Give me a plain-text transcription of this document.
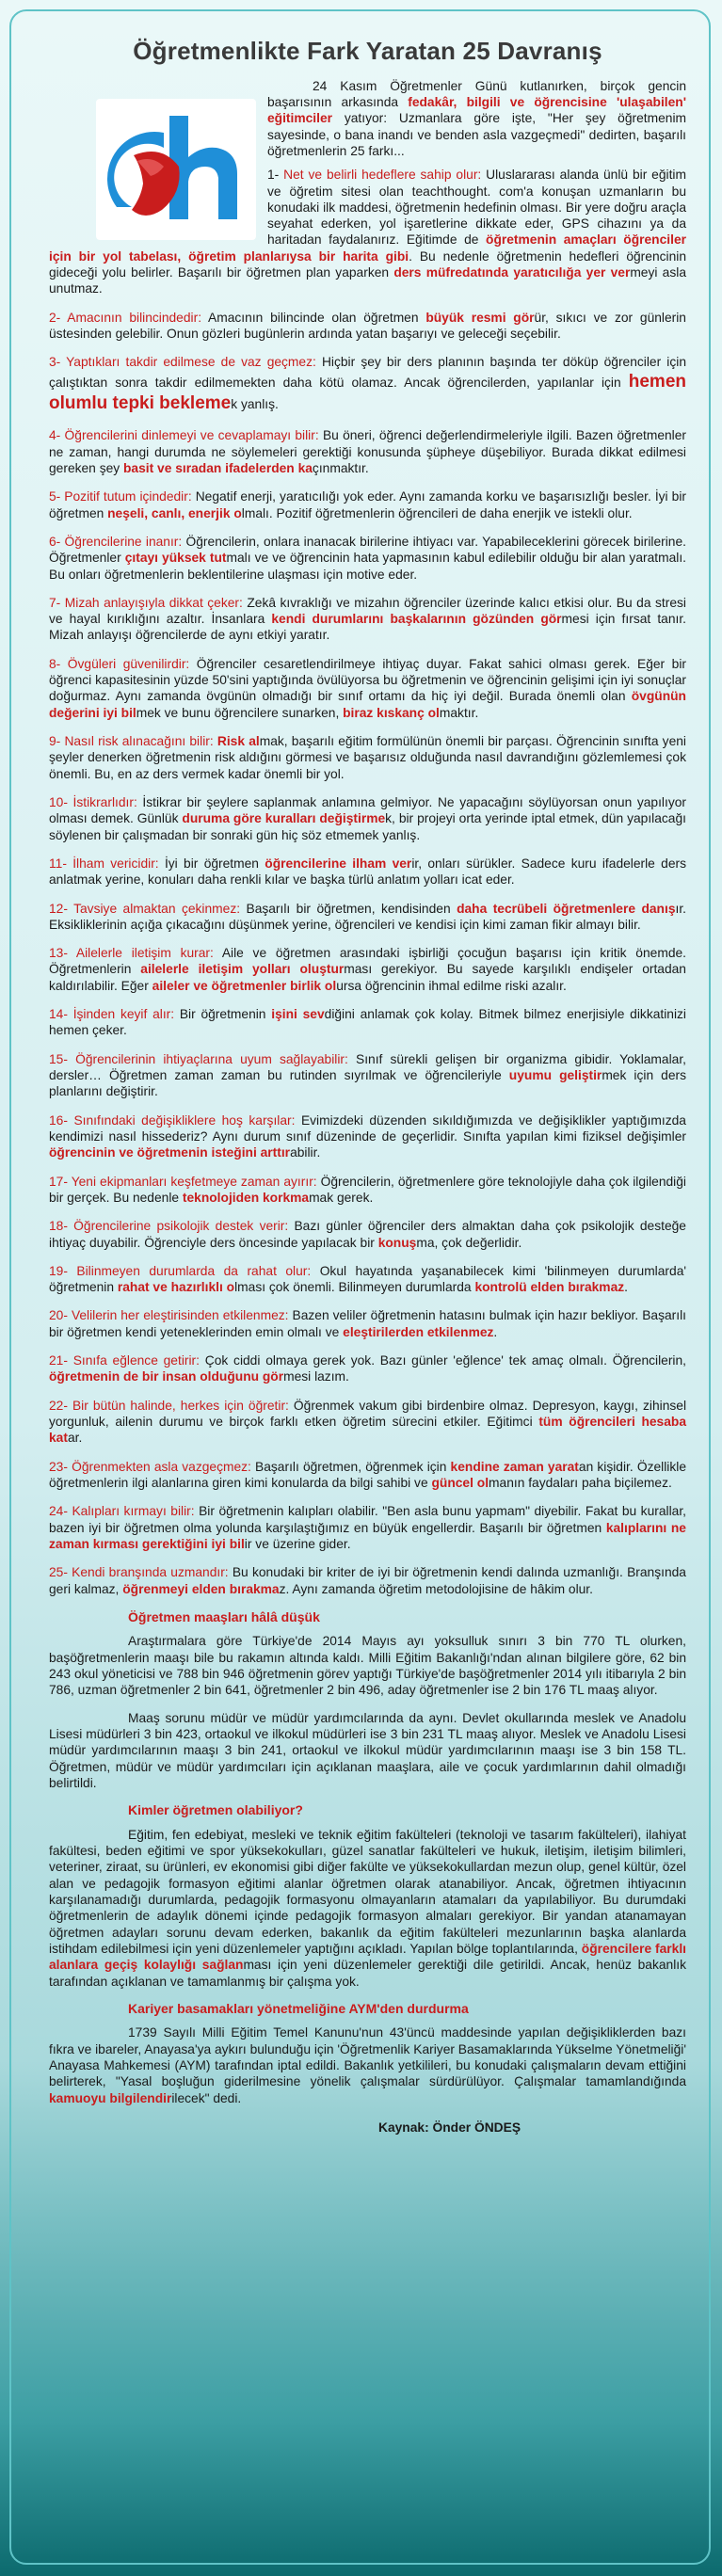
Öğretmenlikte Fark Yaratan 25 Davranış

24 Kasım Öğretmenler Günü kutlanırken, birçok gencin başarısının arkasında fedakâr, bilgili ve öğrencisine 'ulaşabilen' eğitimciler yatıyor: Uzmanlara göre işte, "Her şey öğretmenim sayesinde, o bana inandı ve benden asla vazgeçmedi" dedirten, başarılı öğretmenlerin 25 farkı...

1- Net ve belirli hedeflere sahip olur: Uluslararası alanda ünlü bir eğitim ve öğretim sitesi olan teachthought. com'a konuşan uzmanların bu konudaki ilk maddesi, öğretmenin hedefinin olması. Bir yere doğru araçla seyahat ederken, yol işaretlerine dikkate eder, GPS cihazını ya da haritadan faydalanırız. Eğitimde de öğretmenin amaçları öğrenciler için bir yol tabelası, öğretim planlarıysa bir harita gibi. Bu nedenle öğretmenin hedefleri öğrencinin gideceği yolu belirler. Başarılı bir öğretmen plan yaparken ders müfredatında yaratıcılığa yer vermeyi asla unutmaz.

2- Amacının bilincindedir: Amacının bilincinde olan öğretmen büyük resmi görür, sıkıcı ve zor günlerin üstesinden gelebilir. Onun gözleri bugünlerin ardında yatan başarıyı ve geleceği seçebilir.

3- Yaptıkları takdir edilmese de vaz geçmez: Hiçbir şey bir ders planının başında ter döküp öğrenciler için çalıştıktan sonra takdir edilmemekten daha kötü olamaz. Ancak öğrencilerden, yapılanlar için hemen olumlu tepki beklemek yanlış.

4- Öğrencilerini dinlemeyi ve cevaplamayı bilir: Bu öneri, öğrenci değerlendirmeleriyle ilgili. Bazen öğretmenler ne zaman, hangi durumda ne söylemeleri gerektiği konusunda şüpheye düşebiliyor. Burada dikkat edilmesi gereken şey basit ve sıradan ifadelerden kaçınmaktır.

5- Pozitif tutum içindedir: Negatif enerji, yaratıcılığı yok eder. Aynı zamanda korku ve başarısızlığı besler. İyi bir öğretmen neşeli, canlı, enerjik olmalı. Pozitif öğretmenlerin öğrencileri de daha enerjik ve istekli olur.

6- Öğrencilerine inanır: Öğrencilerin, onlara inanacak birilerine ihtiyacı var. Yapabileceklerini görecek birilerine. Öğretmenler çıtayı yüksek tutmalı ve ve öğrencinin hata yapmasının kabul edilebilir olduğu bir alan yaratmalı. Bu onları öğretmenlerin beklentilerine ulaşması için motive eder.

7- Mizah anlayışıyla dikkat çeker: Zekâ kıvraklığı ve mizahın öğrenciler üzerinde kalıcı etkisi olur. Bu da stresi ve hayal kırıklığını azaltır. İnsanlara kendi durumlarını başkalarının gözünden görmesi için fırsat tanır. Mizah anlayışı öğrencilerde de aynı etkiyi yaratır.

8- Övgüleri güvenilirdir: Öğrenciler cesaretlendirilmeye ihtiyaç duyar. Fakat sahici olması gerek. Eğer bir öğrenci kapasitesinin yüzde 50'sini yaptığında övülüyorsa bu öğretmenin ve öğrencinin gelişimi için iyi sonuçlar doğurmaz. Aynı zamanda övgünün olmadığı bir sınıf ortamı da hiç iyi değil. Burada önemli olan övgünün değerini iyi bilmek ve bunu öğrencilere sunarken, biraz kıskanç olmaktır.

9- Nasıl risk alınacağını bilir: Risk almak, başarılı eğitim formülünün önemli bir parçası. Öğrencinin sınıfta yeni şeyler denerken öğretmenin risk aldığını görmesi ve başarısız olduğunda nasıl davrandığını gözlemlemesi çok önemli. Bu, en az ders vermek kadar önemli bir yol.

10- İstikrarlıdır: İstikrar bir şeylere saplanmak anlamına gelmiyor. Ne yapacağını söylüyorsan onun yapılıyor olması demek. Günlük duruma göre kuralları değiştirmek, bir projeyi orta yerinde iptal etmek, dün yapılacağı söylenen bir çalışmadan bir sonraki gün hiç söz etmemek yanlış.

11- İlham vericidir: İyi bir öğretmen öğrencilerine ilham verir, onları sürükler. Sadece kuru ifadelerle ders anlatmak yerine, konuları daha renkli kılar ve başka türlü anlatım yolları icat eder.

12- Tavsiye almaktan çekinmez: Başarılı bir öğretmen, kendisinden daha tecrübeli öğretmenlere danışır. Eksikliklerinin açığa çıkacağını düşünmek yerine, öğrencileri ve kendisi için kimi zaman fikir almayı bilir.

13- Ailelerle iletişim kurar: Aile ve öğretmen arasındaki işbirliği çocuğun başarısı için kritik önemde. Öğretmenlerin ailelerle iletişim yolları oluşturması gerekiyor. Bu sayede karşılıklı endişeler ortadan kaldırılabilir. Eğer aileler ve öğretmenler birlik olursa öğrencinin ihmal edilme riski azalır.

14- İşinden keyif alır: Bir öğretmenin işini sevdiğini anlamak çok kolay. Bitmek bilmez enerjisiyle dikkatinizi hemen çeker.

15- Öğrencilerinin ihtiyaçlarına uyum sağlayabilir: Sınıf sürekli gelişen bir organizma gibidir. Yoklamalar, dersler… Öğretmen zaman zaman bu rutinden sıyrılmak ve öğrencileriyle uyumu geliştirmek için ders planlarını değiştirir.

16- Sınıfındaki değişikliklere hoş karşılar: Evimizdeki düzenden sıkıldığımızda ve değişiklikler yaptığımızda kendimizi nasıl hissederiz? Aynı durum sınıf düzeninde de geçerlidir. Sınıfta yapılan kimi fiziksel değişimler öğrencinin ve öğretmenin isteğini arttırabilir.

17- Yeni ekipmanları keşfetmeye zaman ayırır: Öğrencilerin, öğretmenlere göre teknolojiyle daha çok ilgilendiği bir gerçek. Bu nedenle teknolojiden korkmamak gerek.

18- Öğrencilerine psikolojik destek verir: Bazı günler öğrenciler ders almaktan daha çok psikolojik desteğe ihtiyaç duyabilir. Öğrenciyle ders öncesinde yapılacak bir konuşma, çok değerlidir.

19- Bilinmeyen durumlarda da rahat olur: Okul hayatında yaşanabilecek kimi 'bilinmeyen durumlarda' öğretmenin rahat ve hazırlıklı olması çok önemli. Bilinmeyen durumlarda kontrolü elden bırakmaz.

20- Velilerin her eleştirisinden etkilenmez: Bazen veliler öğretmenin hatasını bulmak için hazır bekliyor. Başarılı bir öğretmen kendi yeteneklerinden emin olmalı ve eleştirilerden etkilenmez.

21- Sınıfa eğlence getirir: Çok ciddi olmaya gerek yok. Bazı günler 'eğlence' tek amaç olmalı. Öğrencilerin, öğretmenin de bir insan olduğunu görmesi lazım.

22- Bir bütün halinde, herkes için öğretir: Öğrenmek vakum gibi birdenbire olmaz. Depresyon, kaygı, zihinsel yorgunluk, ailenin durumu ve birçok farklı etken öğretim sürecini etkiler. Eğitimci tüm öğrencileri hesaba katar.

23- Öğrenmekten asla vazgeçmez: Başarılı öğretmen, öğrenmek için kendine zaman yaratan kişidir. Özellikle öğretmenlerin ilgi alanlarına giren kimi konularda da bilgi sahibi ve güncel olmanın faydaları paha biçilemez.

24- Kalıpları kırmayı bilir: Bir öğretmenin kalıpları olabilir. "Ben asla bunu yapmam" diyebilir. Fakat bu kurallar, bazen iyi bir öğretmen olma yolunda karşılaştığımız en büyük engellerdir. Başarılı bir öğretmen kalıplarını ne zaman kırması gerektiğini iyi bilir ve üzerine gider.

25- Kendi branşında uzmandır: Bu konudaki bir kriter de iyi bir öğretmenin kendi dalında uzmanlığı. Branşında geri kalmaz, öğrenmeyi elden bırakmaz. Aynı zamanda öğretim metodolojisine de hâkim olur.

Öğretmen maaşları hâlâ düşük

Araştırmalara göre Türkiye'de 2014 Mayıs ayı yoksulluk sınırı 3 bin 770 TL olurken, başöğretmenlerin maaşı bile bu rakamın altında kaldı. Milli Eğitim Bakanlığı'ndan alınan bilgilere göre, 62 bin 243 okul yöneticisi ve 788 bin 946 öğretmenin görev yaptığı Türkiye'de başöğretmenler 2014 yılı itibarıyla 2 bin 786, uzman öğretmenler 2 bin 641, öğretmenler 2 bin 496, aday öğretmenler ise 2 bin 176 TL maaş alıyor.

Maaş sorunu müdür ve müdür yardımcılarında da aynı. Devlet okullarında meslek ve Anadolu Lisesi müdürleri 3 bin 423, ortaokul ve ilkokul müdürleri ise 3 bin 231 TL maaş alıyor. Meslek ve Anadolu Lisesi müdür yardımcılarının maaşı 3 bin 241, ortaokul ve ilkokul müdür yardımcılarının maaşı ise 3 bin 158 TL. Öğretmen, müdür ve müdür yardımcıları için açıklanan maaşlara, aile ve çocuk yardımlarının dahil olmadığı belirtildi.

Kimler öğretmen olabiliyor?

Eğitim, fen edebiyat, mesleki ve teknik eğitim fakülteleri (teknoloji ve tasarım fakülteleri), ilahiyat fakültesi, beden eğitimi ve spor yüksekokulları, güzel sanatlar fakülteleri ve hukuk, iletişim, iletişim bilimleri, veteriner, ziraat, su ürünleri, ev ekonomisi gibi diğer fakülte ve yüksekokullardan mezun olup, genel kültür, özel alan ve pedagojik formasyon eğitimi alanlar öğretmen olarak atanabiliyor. Ancak, öğretmen ihtiyacının karşılanamadığı durumlarda, pedagojik formasyonu olmayanların atamaları da yapılabiliyor. Bu durumdaki öğretmenlerin de adaylık dönemi içinde pedagojik formasyon almaları gerekiyor. Bir yandan atanamayan öğretmen adayları sorunu devam ederken, bakanlık da eğitim fakülteleri mezunlarının başka alanlarda istihdam edilebilmesi için yeni düzenlemeler yaptığını açıkladı. Yapılan bölge toplantılarında, öğrencilere farklı alanlara geçiş kolaylığı sağlanması için yeni düzenlemeler gerektiği dile getirildi. Ancak, henüz bakanlık tarafından açıklanan ve tamamlanmış bir çalışma yok.

Kariyer basamakları yönetmeliğine AYM'den durdurma

1739 Sayılı Milli Eğitim Temel Kanunu'nun 43'üncü maddesinde yapılan değişikliklerden bazı fıkra ve ibareler, Anayasa'ya aykırı bulunduğu için 'Öğretmenlik Kariyer Basamaklarında Yükselme Yönetmeliği' Anayasa Mahkemesi (AYM) tarafından iptal edildi. Bakanlık yetkilileri, bu konudaki çalışmaların devam ettiğini belirterek, "Yasal boşluğun giderilmesine yönelik çalışmalar sürdürülüyor. Çalışmalar tamamlandığında kamuoyu bilgilendirilecek" dedi.

Kaynak: Önder ÖNDEŞ
